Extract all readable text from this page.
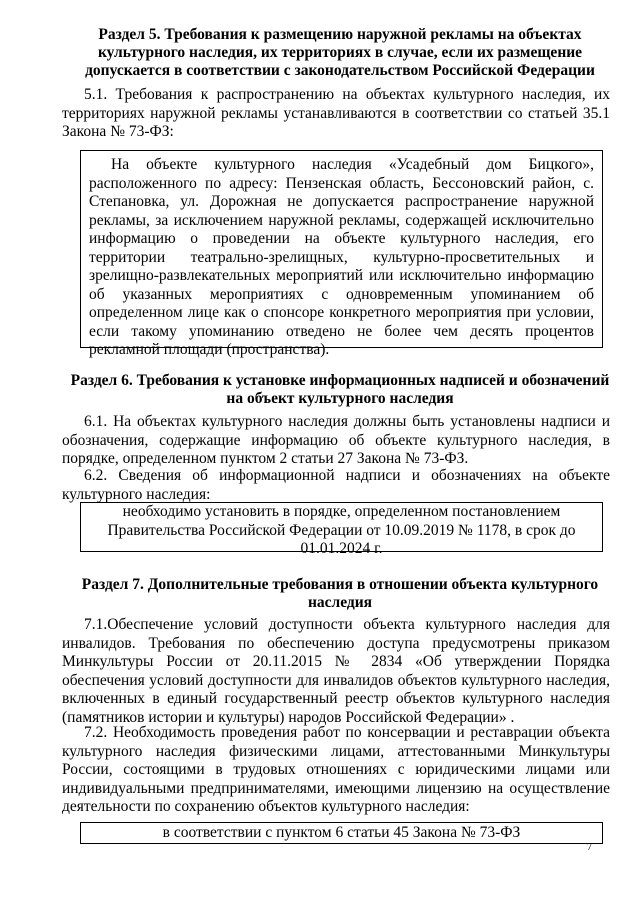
Раздел 5. Требования к размещению наружной рекламы на объектах культурного наследия, их территориях в случае, если их размещение допускается в соответствии с законодательством Российской Федерации

5.1. Требования к распространению на объектах культурного наследия, их территориях наружной рекламы устанавливаются в соответствии со статьей 35.1 Закона № 73-ФЗ:

На объекте культурного наследия «Усадебный дом Бицкого», расположенного по адресу: Пензенская область, Бессоновский район, с. Степановка, ул. Дорожная не допускается распространение наружной рекламы, за исключением наружной рекламы, содержащей исключительно информацию о проведении на объекте культурного наследия, его территории театрально-зрелищных, культурно-просветительных и зрелищно-развлекательных мероприятий или исключительно информацию об указанных мероприятиях с одновременным упоминанием об определенном лице как о спонсоре конкретного мероприятия при условии, если такому упоминанию отведено не более чем десять процентов рекламной площади (пространства).

Раздел 6. Требования к установке информационных надписей и обозначений на объект культурного наследия

6.1. На объектах культурного наследия должны быть установлены надписи и обозначения, содержащие информацию об объекте культурного наследия, в порядке, определенном пунктом 2 статьи 27 Закона № 73-ФЗ.

6.2. Сведения об информационной надписи и обозначениях на объекте культурного наследия:

необходимо установить в порядке, определенном постановлением Правительства Российской Федерации от 10.09.2019 № 1178, в срок до 01.01.2024 г.

Раздел 7. Дополнительные требования в отношении объекта культурного наследия

7.1.Обеспечение условий доступности объекта культурного наследия для инвалидов. Требования по обеспечению доступа предусмотрены приказом Минкультуры России от 20.11.2015 № 2834 «Об утверждении Порядка обеспечения условий доступности для инвалидов объектов культурного наследия, включенных в единый государственный реестр объектов культурного наследия (памятников истории и культуры) народов Российской Федерации» .

7.2. Необходимость проведения работ по консервации и реставрации объекта культурного наследия физическими лицами, аттестованными Минкультуры России, состоящими в трудовых отношениях с юридическими лицами или индивидуальными предпринимателями, имеющими лицензию на осуществление деятельности по сохранению объектов культурного наследия:

в соответствии с пунктом 6 статьи 45 Закона № 73-ФЗ

7
